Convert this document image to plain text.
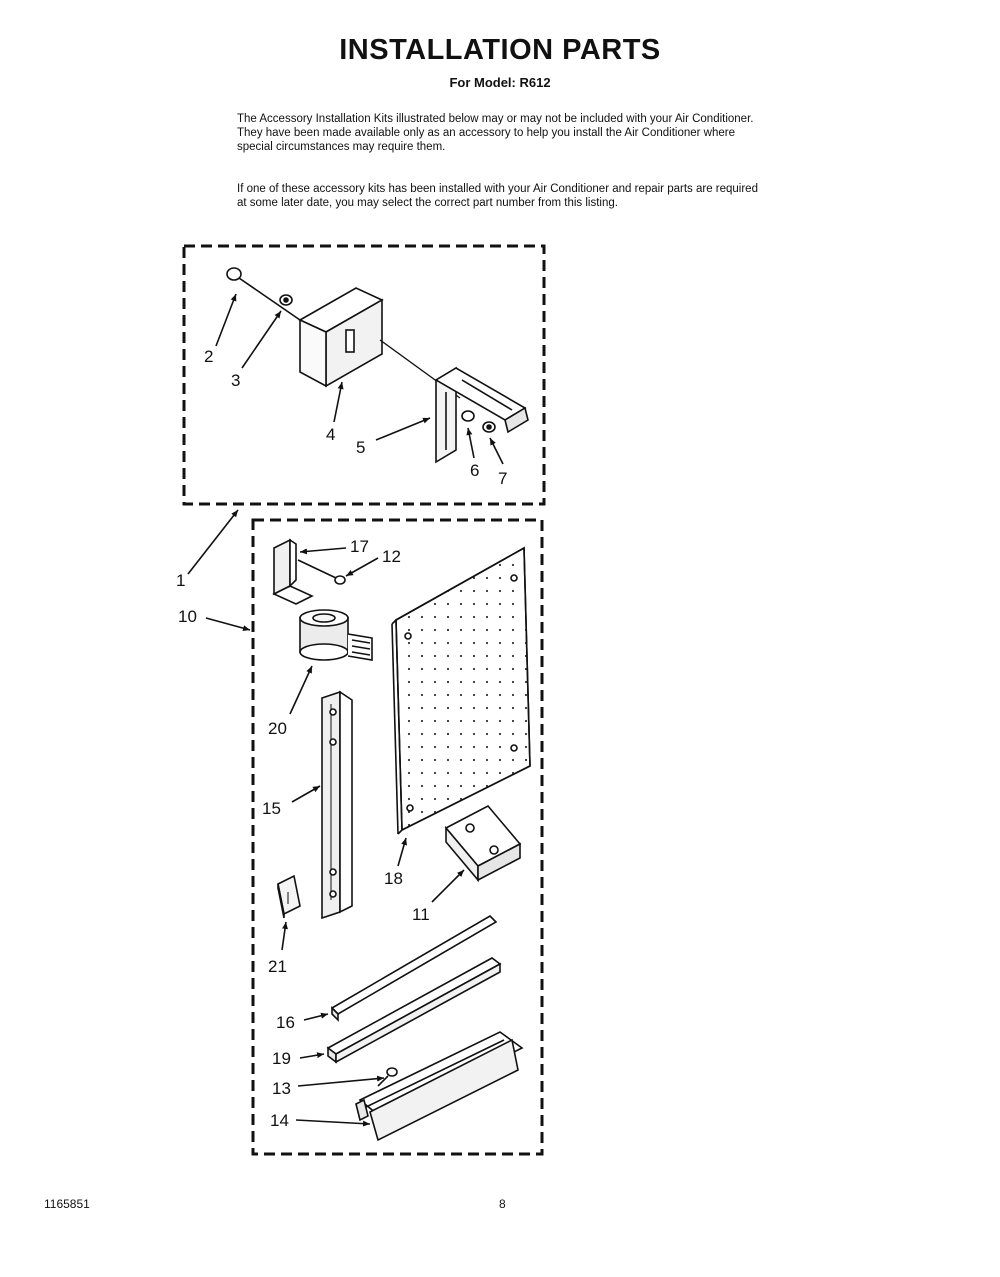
INSTALLATION PARTS
For Model: R612

The Accessory Installation Kits illustrated below may or may not be included with your Air Conditioner. They have been made available only as an accessory to help you install the Air Conditioner where special circumstances may require them.

If one of these accessory kits has been installed with your Air Conditioner and repair parts are required at some later date, you may select the correct part number from this listing.

2
3
4
5
6 7
1
10
17
12
20
15
18
11
21
16
19
13
14
1165851	8
